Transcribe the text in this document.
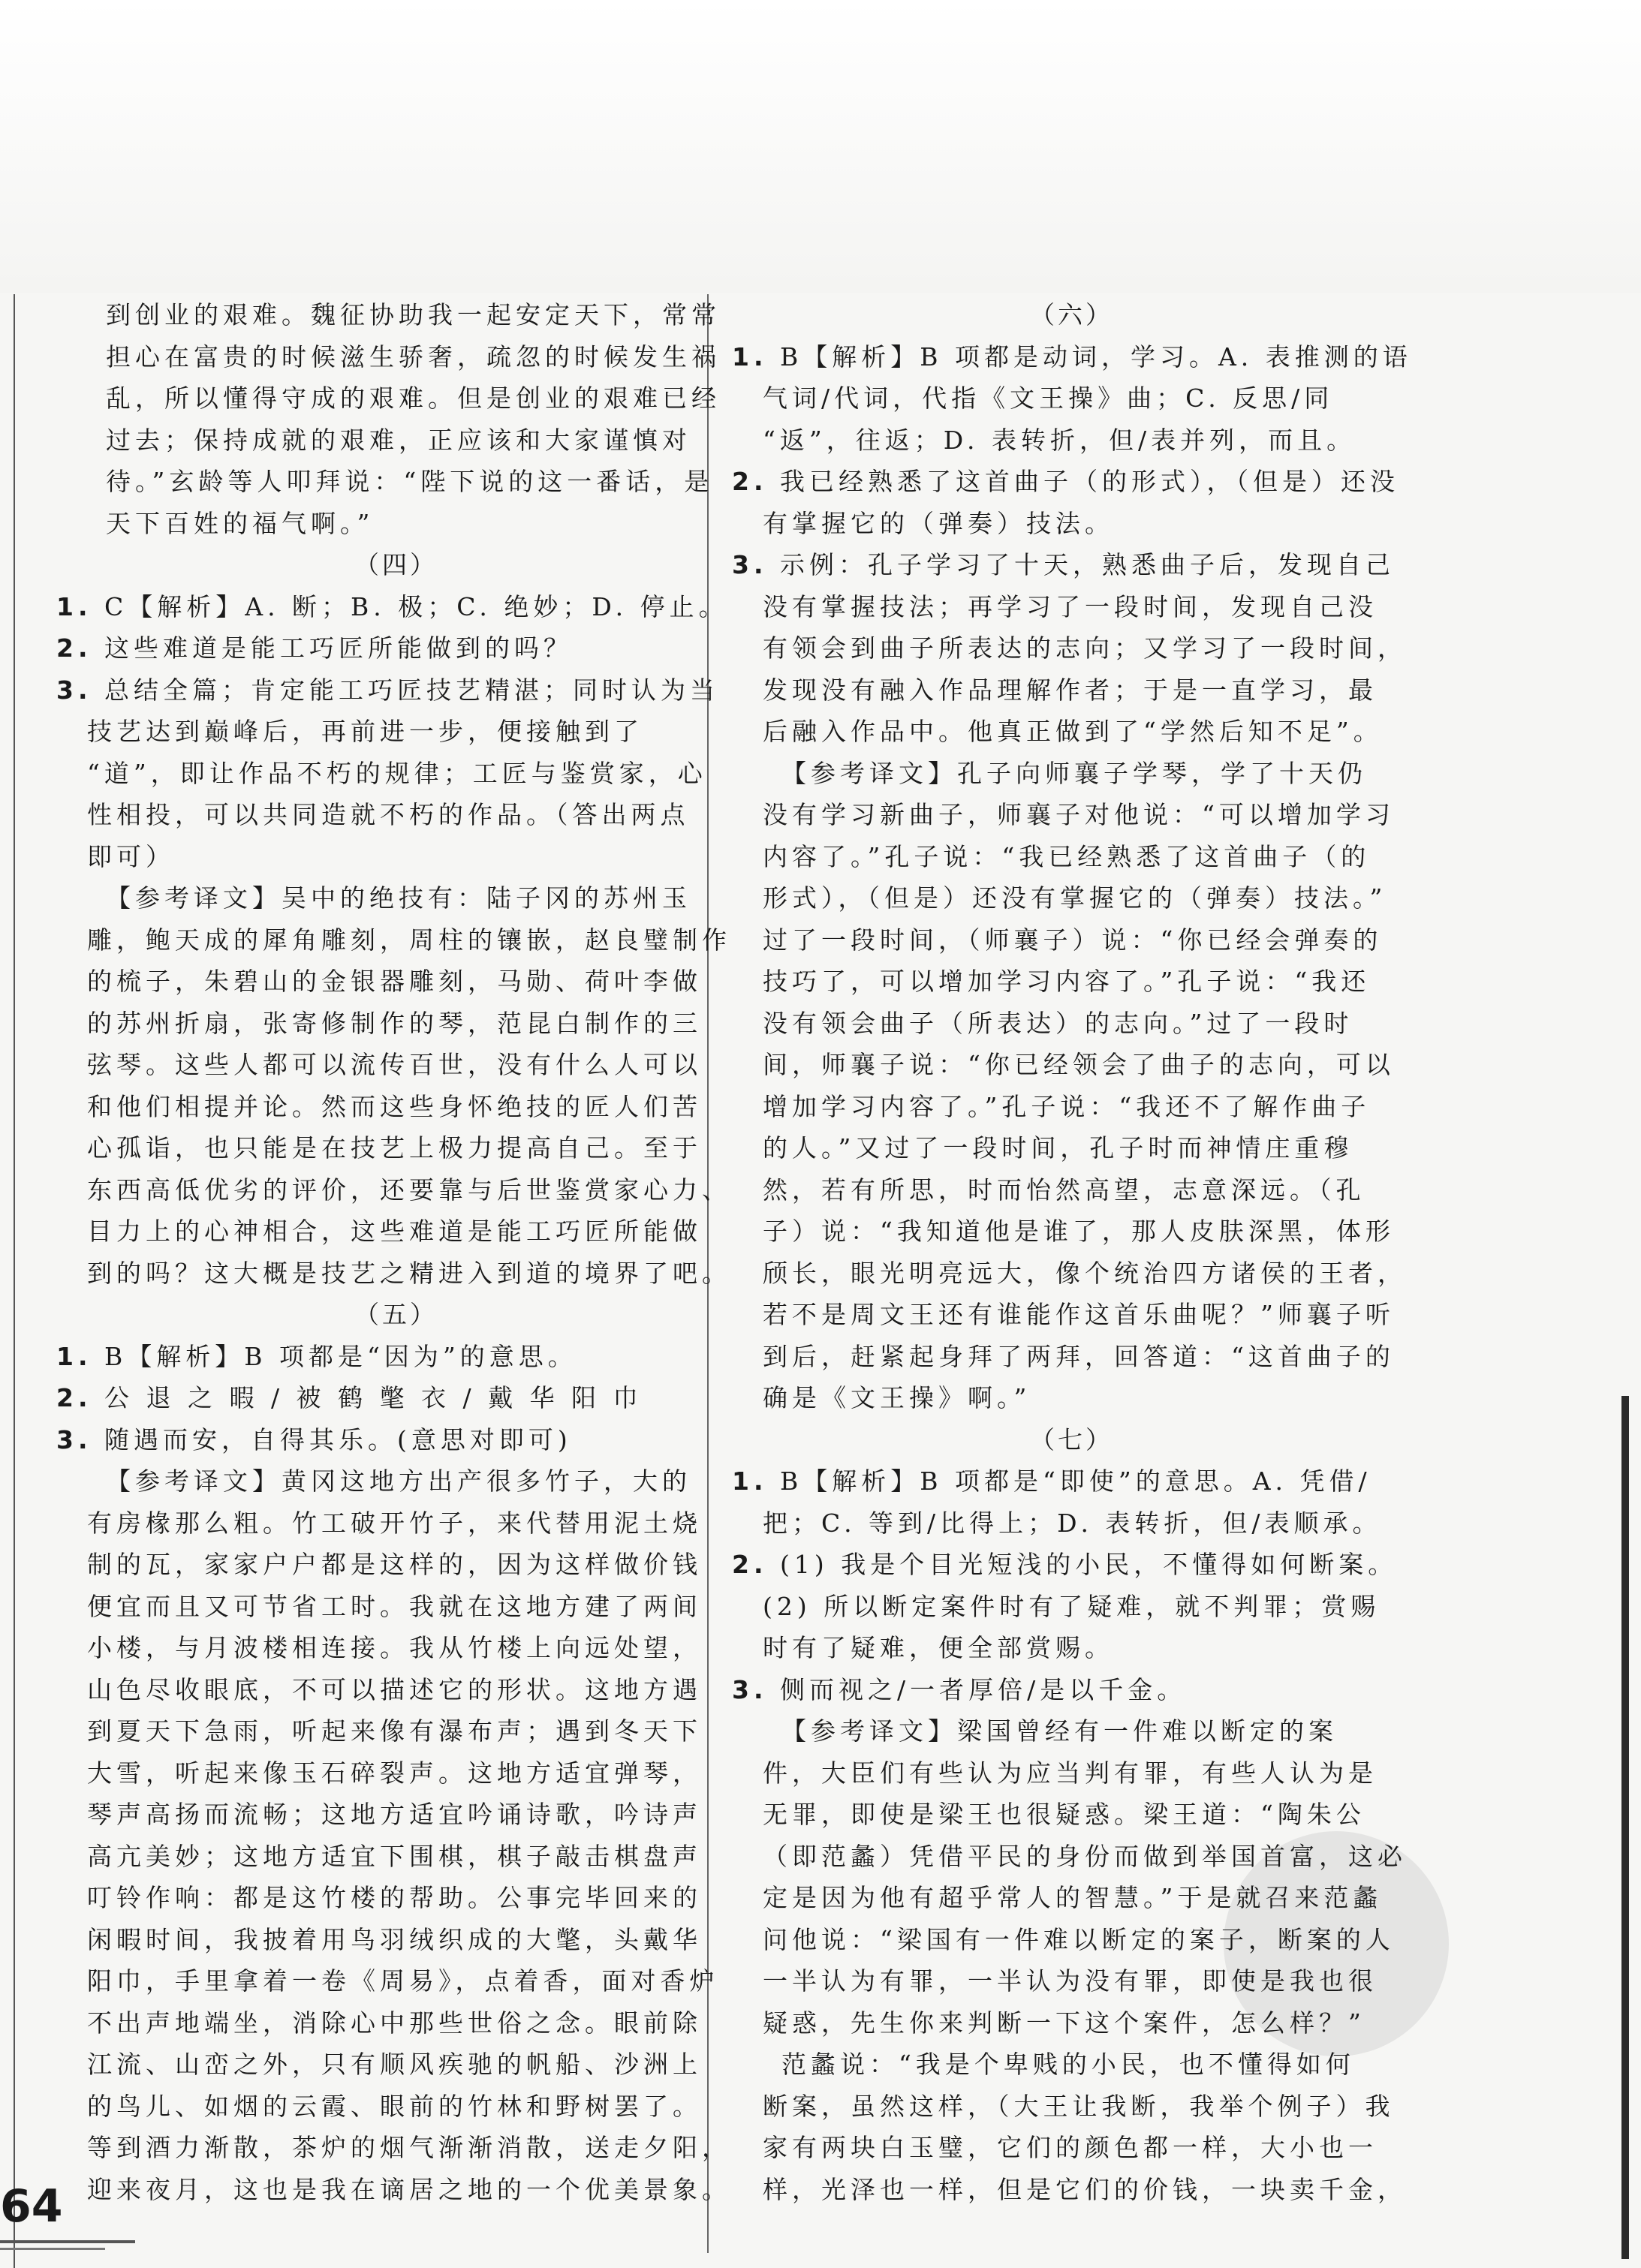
到创业的艰难。魏征协助我一起安定天下，常常
担心在富贵的时候滋生骄奢，疏忽的时候发生祸
乱，所以懂得守成的艰难。但是创业的艰难已经
过去；保持成就的艰难，正应该和大家谨慎对
待。”玄龄等人叩拜说：“陛下说的这一番话，是
天下百姓的福气啊。”
（四）
1. C【解析】A. 断；B. 极；C. 绝妙；D. 停止。
2. 这些难道是能工巧匠所能做到的吗？
3. 总结全篇；肯定能工巧匠技艺精湛；同时认为当
技艺达到巅峰后，再前进一步，便接触到了
“道”，即让作品不朽的规律；工匠与鉴赏家，心
性相投，可以共同造就不朽的作品。（答出两点
即可）
【参考译文】吴中的绝技有：陆子冈的苏州玉
雕，鲍天成的犀角雕刻，周柱的镶嵌，赵良璧制作
的梳子，朱碧山的金银器雕刻，马勋、荷叶李做
的苏州折扇，张寄修制作的琴，范昆白制作的三
弦琴。这些人都可以流传百世，没有什么人可以
和他们相提并论。然而这些身怀绝技的匠人们苦
心孤诣，也只能是在技艺上极力提高自己。至于
东西高低优劣的评价，还要靠与后世鉴赏家心力、
目力上的心神相合，这些难道是能工巧匠所能做
到的吗？这大概是技艺之精进入到道的境界了吧。
（五）
1. B【解析】B 项都是“因为”的意思。
2. 公 退 之 暇 / 被 鹤 氅 衣 / 戴 华 阳 巾
3. 随遇而安，自得其乐。(意思对即可)
【参考译文】黄冈这地方出产很多竹子，大的
有房椽那么粗。竹工破开竹子，来代替用泥土烧
制的瓦，家家户户都是这样的，因为这样做价钱
便宜而且又可节省工时。我就在这地方建了两间
小楼，与月波楼相连接。我从竹楼上向远处望，
山色尽收眼底，不可以描述它的形状。这地方遇
到夏天下急雨，听起来像有瀑布声；遇到冬天下
大雪，听起来像玉石碎裂声。这地方适宜弹琴，
琴声高扬而流畅；这地方适宜吟诵诗歌，吟诗声
高亢美妙；这地方适宜下围棋，棋子敲击棋盘声
叮铃作响：都是这竹楼的帮助。公事完毕回来的
闲暇时间，我披着用鸟羽绒织成的大氅，头戴华
阳巾，手里拿着一卷《周易》，点着香，面对香炉
不出声地端坐，消除心中那些世俗之念。眼前除
江流、山峦之外，只有顺风疾驰的帆船、沙洲上
的鸟儿、如烟的云霞、眼前的竹林和野树罢了。
等到酒力渐散，茶炉的烟气渐渐消散，送走夕阳，
迎来夜月，这也是我在谪居之地的一个优美景象。
（六）
1. B【解析】B 项都是动词，学习。A. 表推测的语
气词/代词，代指《文王操》曲；C. 反思/同
“返”，往返；D. 表转折，但/表并列，而且。
2. 我已经熟悉了这首曲子（的形式），（但是）还没
有掌握它的（弹奏）技法。
3. 示例：孔子学习了十天，熟悉曲子后，发现自己
没有掌握技法；再学习了一段时间，发现自己没
有领会到曲子所表达的志向；又学习了一段时间，
发现没有融入作品理解作者；于是一直学习，最
后融入作品中。他真正做到了“学然后知不足”。
【参考译文】孔子向师襄子学琴，学了十天仍
没有学习新曲子，师襄子对他说：“可以增加学习
内容了。”孔子说：“我已经熟悉了这首曲子（的
形式），（但是）还没有掌握它的（弹奏）技法。”
过了一段时间，（师襄子）说：“你已经会弹奏的
技巧了，可以增加学习内容了。”孔子说：“我还
没有领会曲子（所表达）的志向。”过了一段时
间，师襄子说：“你已经领会了曲子的志向，可以
增加学习内容了。”孔子说：“我还不了解作曲子
的人。”又过了一段时间，孔子时而神情庄重穆
然，若有所思，时而怡然高望，志意深远。（孔
子）说：“我知道他是谁了，那人皮肤深黑，体形
颀长，眼光明亮远大，像个统治四方诸侯的王者，
若不是周文王还有谁能作这首乐曲呢？”师襄子听
到后，赶紧起身拜了两拜，回答道：“这首曲子的
确是《文王操》啊。”
（七）
1. B【解析】B 项都是“即使”的意思。A. 凭借/
把；C. 等到/比得上；D. 表转折，但/表顺承。
2. (1) 我是个目光短浅的小民，不懂得如何断案。
(2) 所以断定案件时有了疑难，就不判罪；赏赐
时有了疑难，便全部赏赐。
3. 侧而视之/一者厚倍/是以千金。
【参考译文】梁国曾经有一件难以断定的案
件，大臣们有些认为应当判有罪，有些人认为是
无罪，即使是梁王也很疑惑。梁王道：“陶朱公
（即范蠡）凭借平民的身份而做到举国首富，这必
定是因为他有超乎常人的智慧。”于是就召来范蠡
问他说：“梁国有一件难以断定的案子，断案的人
一半认为有罪，一半认为没有罪，即使是我也很
疑惑，先生你来判断一下这个案件，怎么样？”
范蠡说：“我是个卑贱的小民，也不懂得如何
断案，虽然这样，（大王让我断，我举个例子）我
家有两块白玉璧，它们的颜色都一样，大小也一
样，光泽也一样，但是它们的价钱，一块卖千金，
64
